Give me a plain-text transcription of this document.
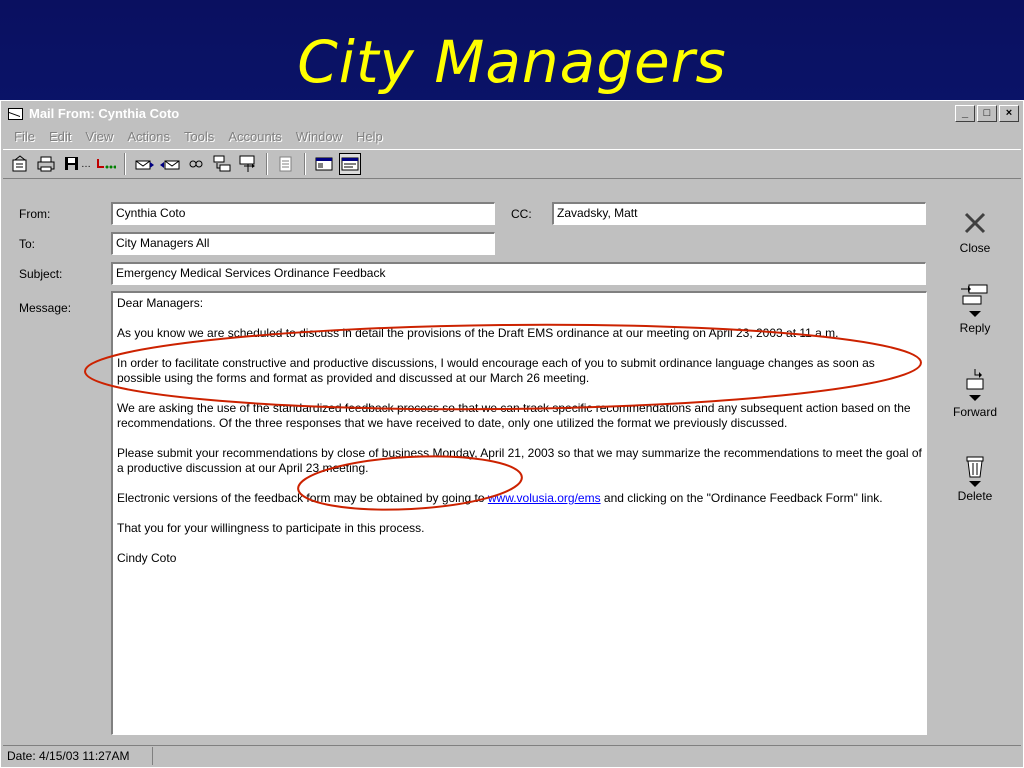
City Managers
Mail From: Cynthia Coto	_	□	×
File	Edit	View	Actions	Tools	Accounts	Window	Help
…
From:	Cynthia Coto	CC:	Zavadsky, Matt
To:	City Managers All
Subject:	Emergency Medical Services Ordinance Feedback
Message:	Dear Managers:

As you know we are scheduled to discuss in detail the provisions of the Draft EMS ordinance at our meeting on April 23, 2003 at 11 a.m.

In order to facilitate constructive and productive discussions, I would encourage each of you to submit ordinance language changes as soon as possible using the forms and format as provided and discussed at our March 26 meeting.

We are asking the use of the standardized feedback process so that we can track specific recommendations and any subsequent action based on the recommendations. Of the three responses that we have received to date, only one utilized the format we previously discussed.

Please submit your recommendations by close of business Monday, April 21, 2003 so that we may summarize the recommendations to meet the goal of a productive discussion at our April 23 meeting.

Electronic versions of the feedback form may be obtained by going to www.volusia.org/ems and clicking on the "Ordinance Feedback Form" link.

That you for your willingness to participate in this process.

Cindy Coto

Close
Reply
Forward
Delete
Date: 4/15/03 11:27AM
